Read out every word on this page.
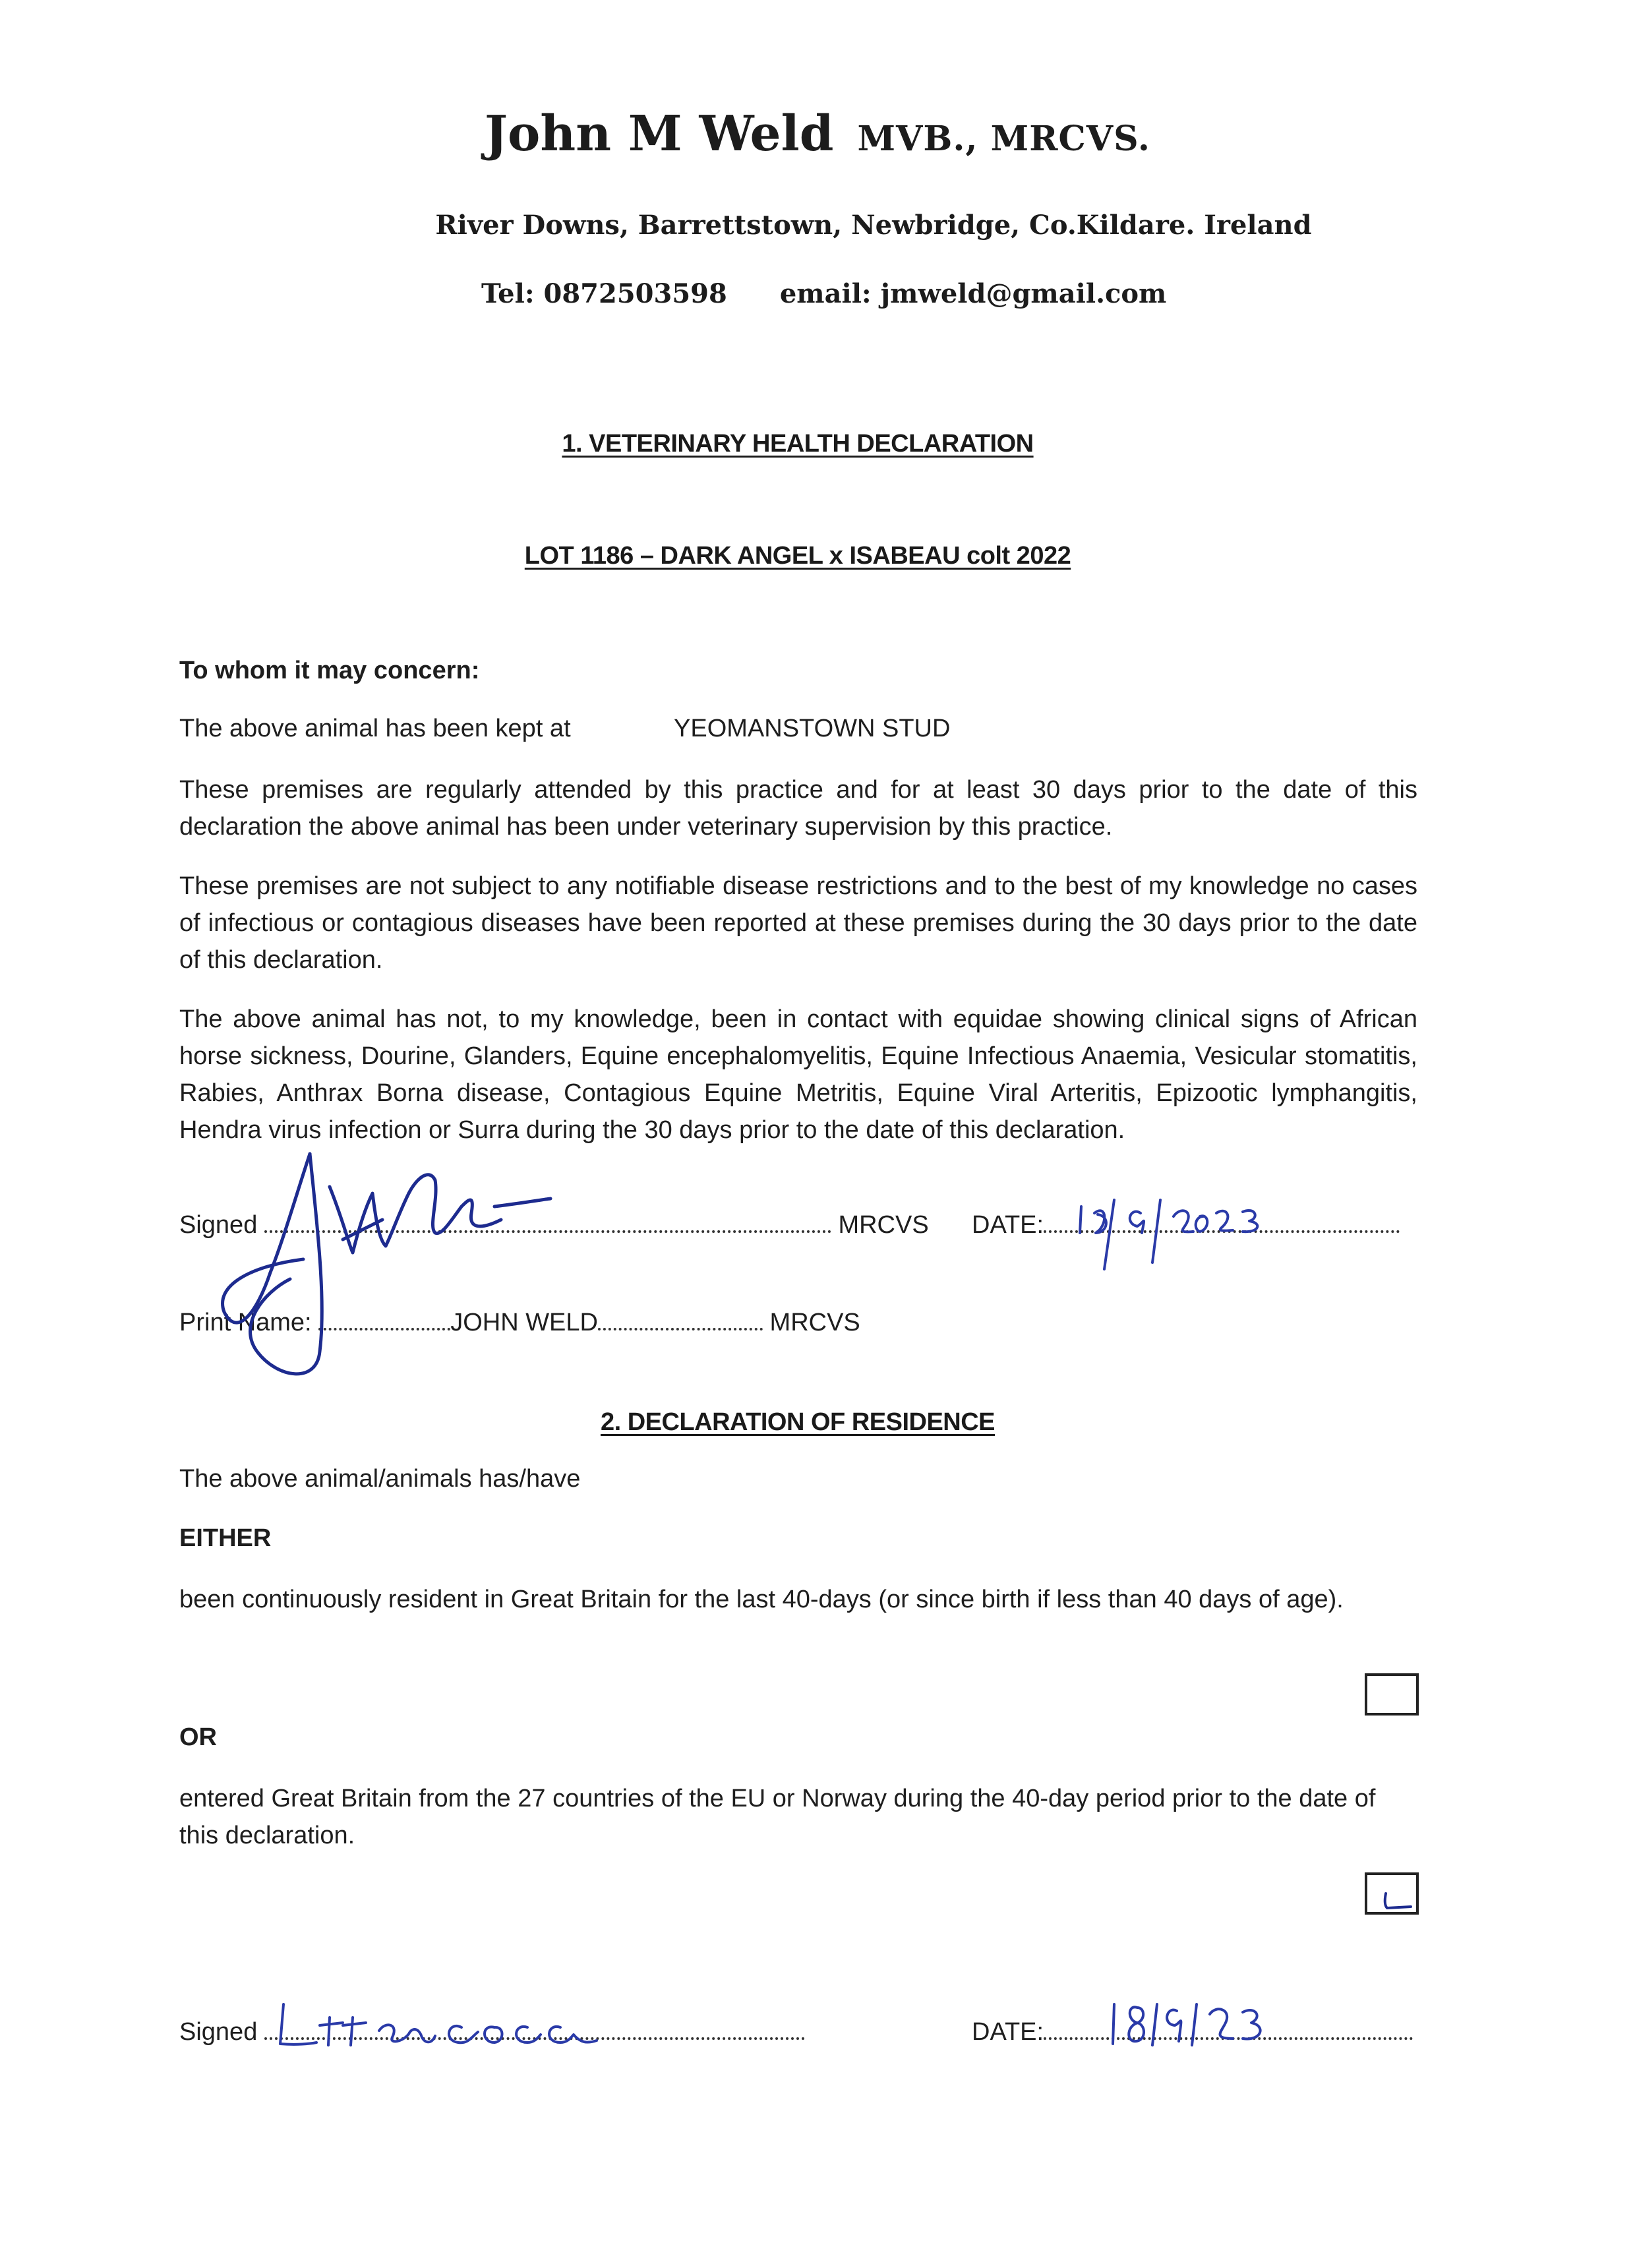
John M Weld MVB., MRCVS.
River Downs, Barrettstown, Newbridge, Co.Kildare. Ireland
Tel: 0872503598 email: jmweld@gmail.com
1. VETERINARY HEALTH DECLARATION
LOT 1186 – DARK ANGEL x ISABEAU colt 2022
To whom it may concern:
The above animal has been kept at	YEOMANSTOWN STUD
These premises are regularly attended by this practice and for at least 30 days prior to the date of this declaration the above animal has been under veterinary supervision by this practice.
These premises are not subject to any notifiable disease restrictions and to the best of my knowledge no cases of infectious or contagious diseases have been reported at these premises during the 30 days prior to the date of this declaration.
The above animal has not, to my knowledge, been in contact with equidae showing clinical signs of African horse sickness, Dourine, Glanders, Equine encephalomyelitis, Equine Infectious Anaemia, Vesicular stomatitis, Rabies, Anthrax Borna disease, Contagious Equine Metritis, Equine Viral Arteritis, Epizootic lymphangitis, Hendra virus infection or Surra during the 30 days prior to the date of this declaration.
Signed	MRCVS DATE:
Print Name:	JOHN WELD	MRCVS
2. DECLARATION OF RESIDENCE
The above animal/animals has/have
EITHER
been continuously resident in Great Britain for the last 40-days (or since birth if less than 40 days of age).
OR
entered Great Britain from the 27 countries of the EU or Norway during the 40-day period prior to the date of this declaration.
Signed	DATE:
